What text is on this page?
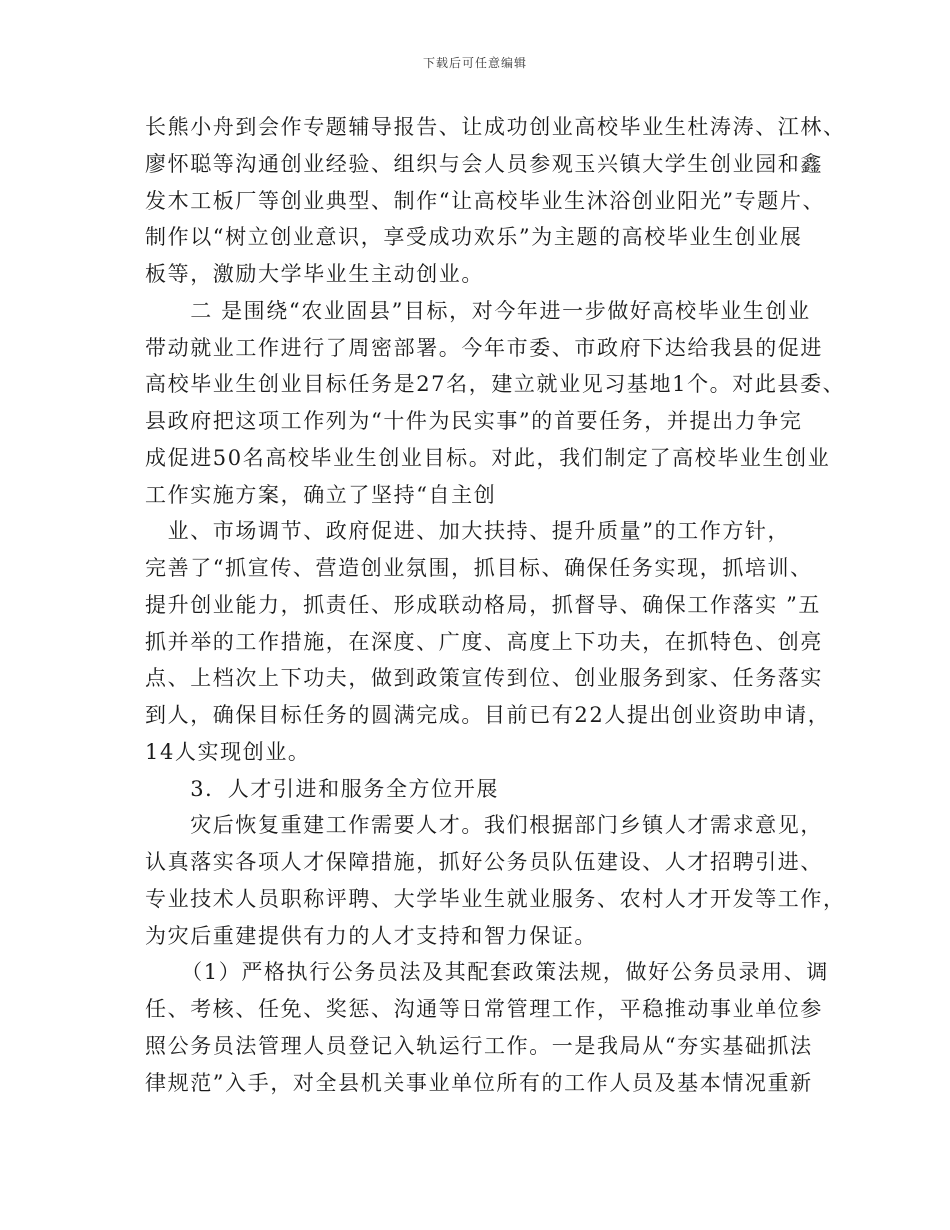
下载后可任意编辑
长熊小舟到会作专题辅导报告、让成功创业高校毕业生杜涛涛、江林、
廖怀聪等沟通创业经验、组织与会人员参观玉兴镇大学生创业园和鑫
发木工板厂等创业典型、制作“让高校毕业生沐浴创业阳光”专题片、
制作以“树立创业意识，享受成功欢乐”为主题的高校毕业生创业展
板等，激励大学毕业生主动创业。
二 是围绕“农业固县”目标，对今年进一步做好高校毕业生创业
带动就业工作进行了周密部署。今年市委、市政府下达给我县的促进
高校毕业生创业目标任务是27名，建立就业见习基地1个。对此县委、
县政府把这项工作列为“十件为民实事”的首要任务，并提出力争完
成促进50名高校毕业生创业目标。对此，我们制定了高校毕业生创业
工作实施方案，确立了坚持“自主创
业、市场调节、政府促进、加大扶持、提升质量”的工作方针，
完善了“抓宣传、营造创业氛围，抓目标、确保任务实现，抓培训、
提升创业能力，抓责任、形成联动格局，抓督导、确保工作落实 ”五
抓并举的工作措施，在深度、广度、高度上下功夫，在抓特色、创亮
点、上档次上下功夫，做到政策宣传到位、创业服务到家、任务落实
到人，确保目标任务的圆满完成。目前已有22人提出创业资助申请，
14人实现创业。
3．人才引进和服务全方位开展
灾后恢复重建工作需要人才。我们根据部门乡镇人才需求意见，
认真落实各项人才保障措施，抓好公务员队伍建设、人才招聘引进、
专业技术人员职称评聘、大学毕业生就业服务、农村人才开发等工作，
为灾后重建提供有力的人才支持和智力保证。
（1）严格执行公务员法及其配套政策法规，做好公务员录用、调
任、考核、任免、奖惩、沟通等日常管理工作，平稳推动事业单位参
照公务员法管理人员登记入轨运行工作。一是我局从“夯实基础抓法
律规范”入手，对全县机关事业单位所有的工作人员及基本情况重新
